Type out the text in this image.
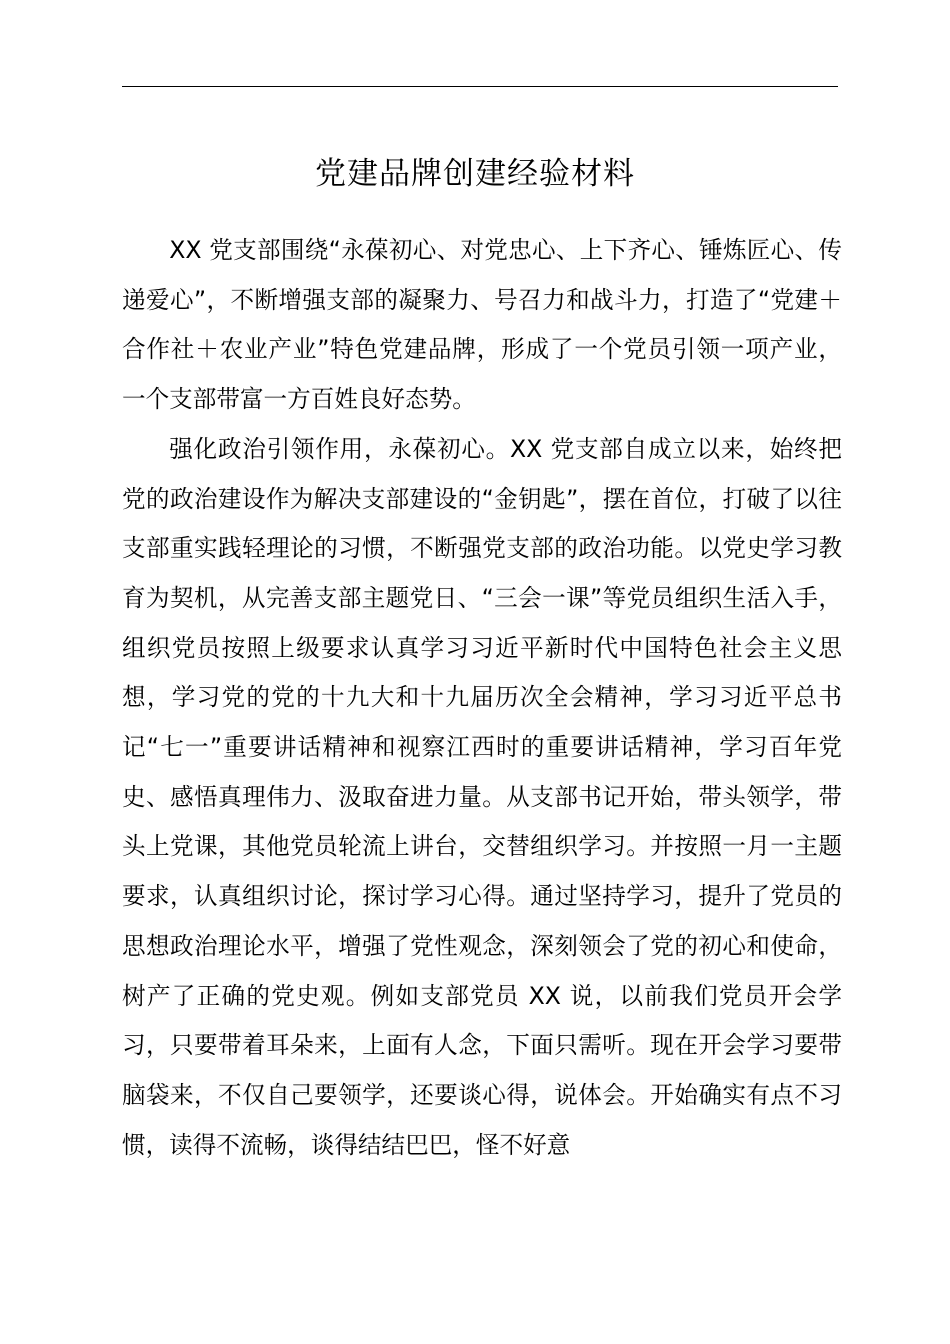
党建品牌创建经验材料

XX 党支部围绕“永葆初心、对党忠心、上下齐心、锤炼匠心、传递爱心”，不断增强支部的凝聚力、号召力和战斗力，打造了“党建＋合作社＋农业产业”特色党建品牌，形成了一个党员引领一项产业，一个支部带富一方百姓良好态势。

强化政治引领作用，永葆初心。XX 党支部自成立以来，始终把党的政治建设作为解决支部建设的“金钥匙”，摆在首位，打破了以往支部重实践轻理论的习惯，不断强党支部的政治功能。以党史学习教育为契机，从完善支部主题党日、“三会一课”等党员组织生活入手，组织党员按照上级要求认真学习习近平新时代中国特色社会主义思想，学习党的党的十九大和十九届历次全会精神，学习习近平总书记“七一”重要讲话精神和视察江西时的重要讲话精神，学习百年党史、感悟真理伟力、汲取奋进力量。从支部书记开始，带头领学，带头上党课，其他党员轮流上讲台，交替组织学习。并按照一月一主题要求，认真组织讨论，探讨学习心得。通过坚持学习，提升了党员的思想政治理论水平，增强了党性观念，深刻领会了党的初心和使命，树产了正确的党史观。例如支部党员 XX 说，以前我们党员开会学习，只要带着耳朵来，上面有人念，下面只需听。现在开会学习要带脑袋来，不仅自己要领学，还要谈心得，说体会。开始确实有点不习惯，读得不流畅，谈得结结巴巴，怪不好意
